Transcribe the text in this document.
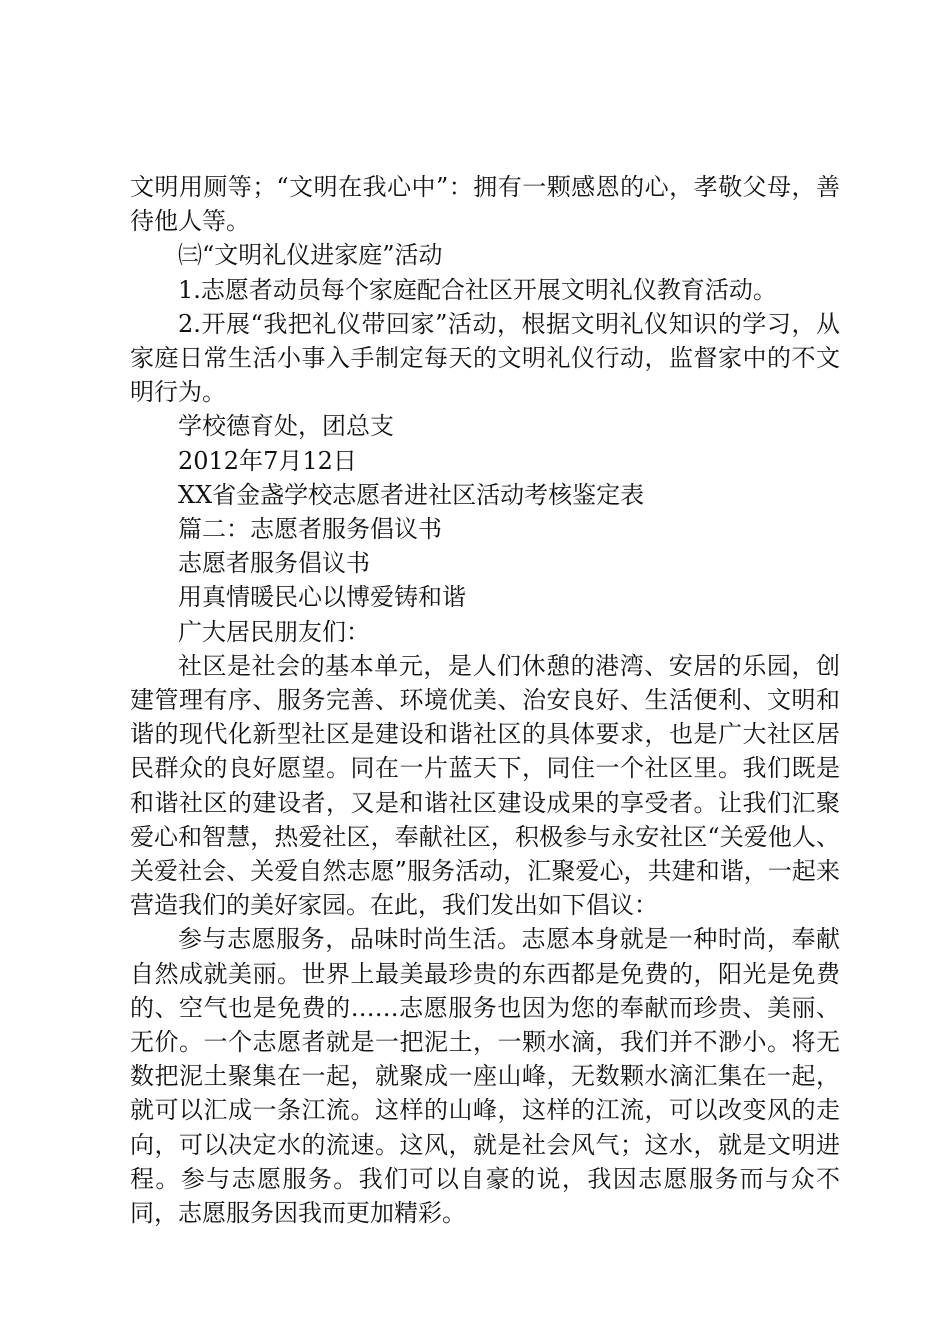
文明用厕等；“文明在我心中”：拥有一颗感恩的心，孝敬父母，善待他人等。

㈢“文明礼仪进家庭”活动

1.志愿者动员每个家庭配合社区开展文明礼仪教育活动。

2.开展“我把礼仪带回家”活动，根据文明礼仪知识的学习，从家庭日常生活小事入手制定每天的文明礼仪行动，监督家中的不文明行为。

学校德育处，团总支

2012年7月12日

XX省金盏学校志愿者进社区活动考核鉴定表

篇二：志愿者服务倡议书

志愿者服务倡议书

用真情暖民心以博爱铸和谐

广大居民朋友们：

社区是社会的基本单元，是人们休憩的港湾、安居的乐园，创建管理有序、服务完善、环境优美、治安良好、生活便利、文明和谐的现代化新型社区是建设和谐社区的具体要求，也是广大社区居民群众的良好愿望。同在一片蓝天下，同住一个社区里。我们既是和谐社区的建设者，又是和谐社区建设成果的享受者。让我们汇聚爱心和智慧，热爱社区，奉献社区，积极参与永安社区“关爱他人、关爱社会、关爱自然志愿”服务活动，汇聚爱心，共建和谐，一起来营造我们的美好家园。在此，我们发出如下倡议：

参与志愿服务，品味时尚生活。志愿本身就是一种时尚，奉献自然成就美丽。世界上最美最珍贵的东西都是免费的，阳光是免费的、空气也是免费的……志愿服务也因为您的奉献而珍贵、美丽、无价。一个志愿者就是一把泥土，一颗水滴，我们并不渺小。将无数把泥土聚集在一起，就聚成一座山峰，无数颗水滴汇集在一起，就可以汇成一条江流。这样的山峰，这样的江流，可以改变风的走向，可以决定水的流速。这风，就是社会风气；这水，就是文明进程。参与志愿服务。我们可以自豪的说，我因志愿服务而与众不同，志愿服务因我而更加精彩。
